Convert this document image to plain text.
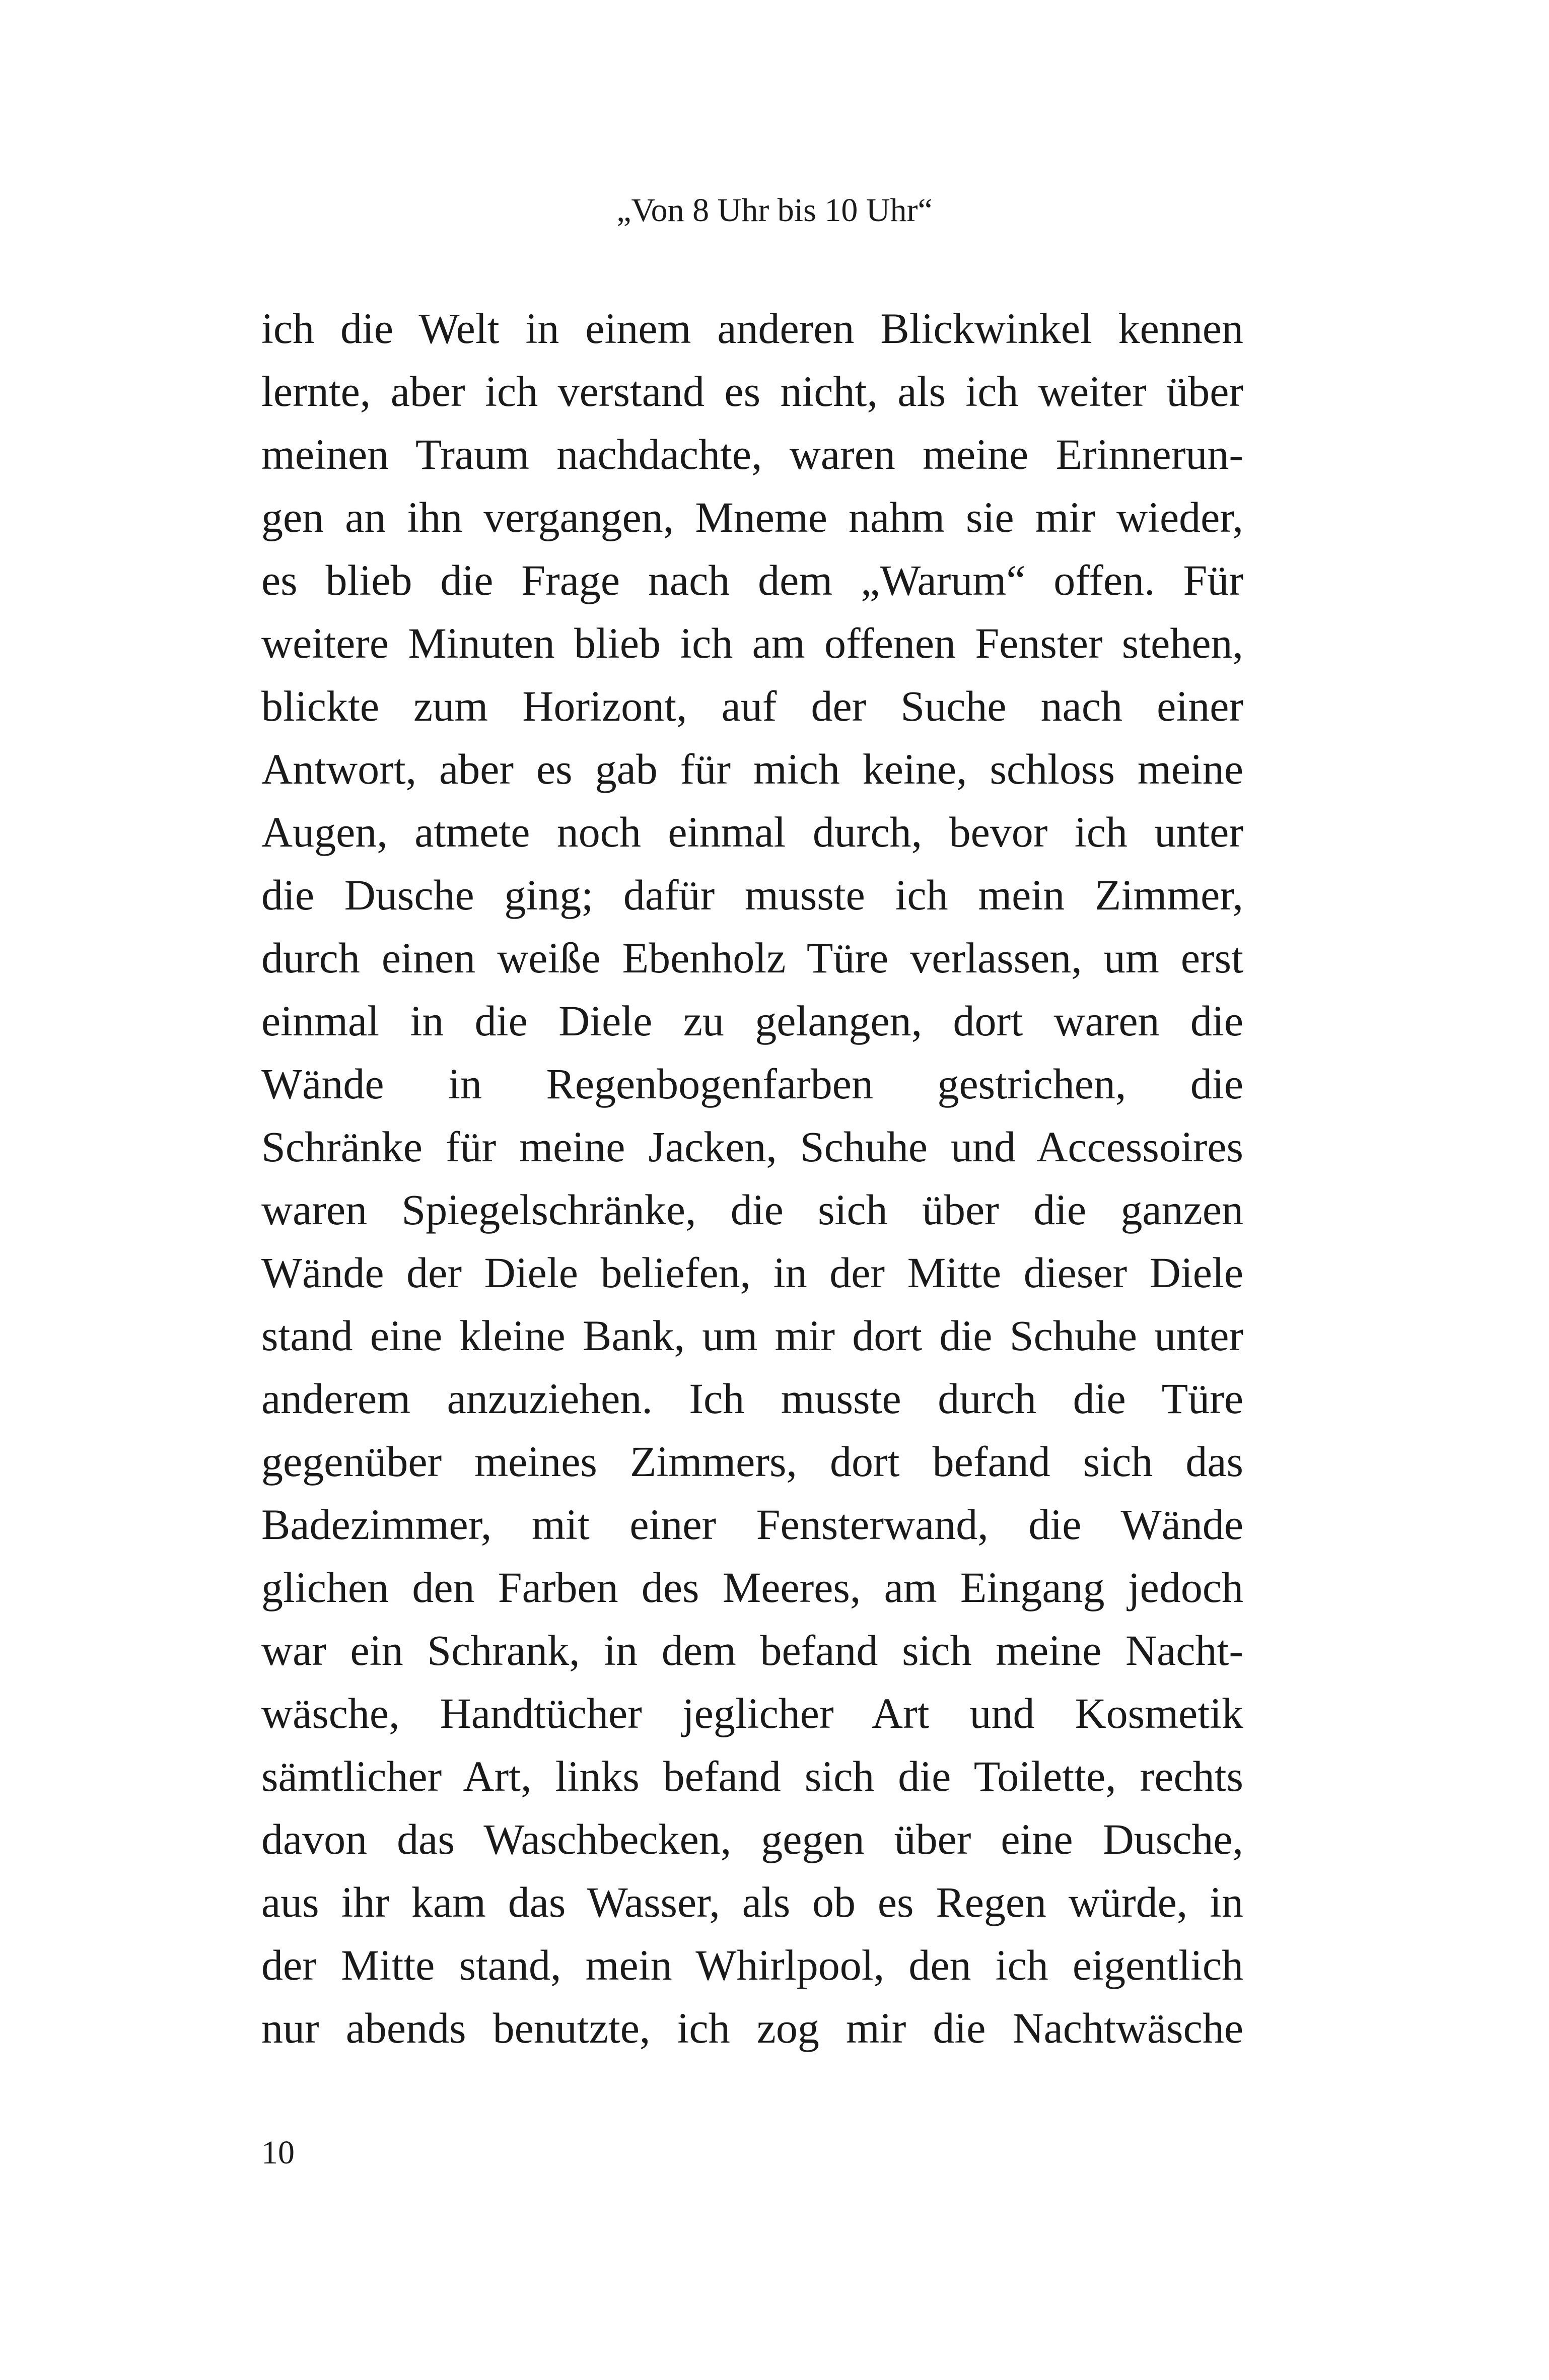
„Von 8 Uhr bis 10 Uhr“
ich die Welt in einem anderen Blickwinkel kennen
lernte, aber ich verstand es nicht, als ich weiter über
meinen Traum nachdachte, waren meine Erinnerun-
gen an ihn vergangen, Mneme nahm sie mir wieder,
es blieb die Frage nach dem „Warum“ offen. Für
weitere Minuten blieb ich am offenen Fenster stehen,
blickte zum Horizont, auf der Suche nach einer
Antwort, aber es gab für mich keine, schloss meine
Augen, atmete noch einmal durch, bevor ich unter
die Dusche ging; dafür musste ich mein Zimmer,
durch einen weiße Ebenholz Türe verlassen, um erst
einmal in die Diele zu gelangen, dort waren die
Wände in Regenbogenfarben gestrichen, die
Schränke für meine Jacken, Schuhe und Accessoires
waren Spiegelschränke, die sich über die ganzen
Wände der Diele beliefen, in der Mitte dieser Diele
stand eine kleine Bank, um mir dort die Schuhe unter
anderem anzuziehen. Ich musste durch die Türe
gegenüber meines Zimmers, dort befand sich das
Badezimmer, mit einer Fensterwand, die Wände
glichen den Farben des Meeres, am Eingang jedoch
war ein Schrank, in dem befand sich meine Nacht-
wäsche, Handtücher jeglicher Art und Kosmetik
sämtlicher Art, links befand sich die Toilette, rechts
davon das Waschbecken, gegen über eine Dusche,
aus ihr kam das Wasser, als ob es Regen würde, in
der Mitte stand, mein Whirlpool, den ich eigentlich
nur abends benutzte, ich zog mir die Nachtwäsche
10
